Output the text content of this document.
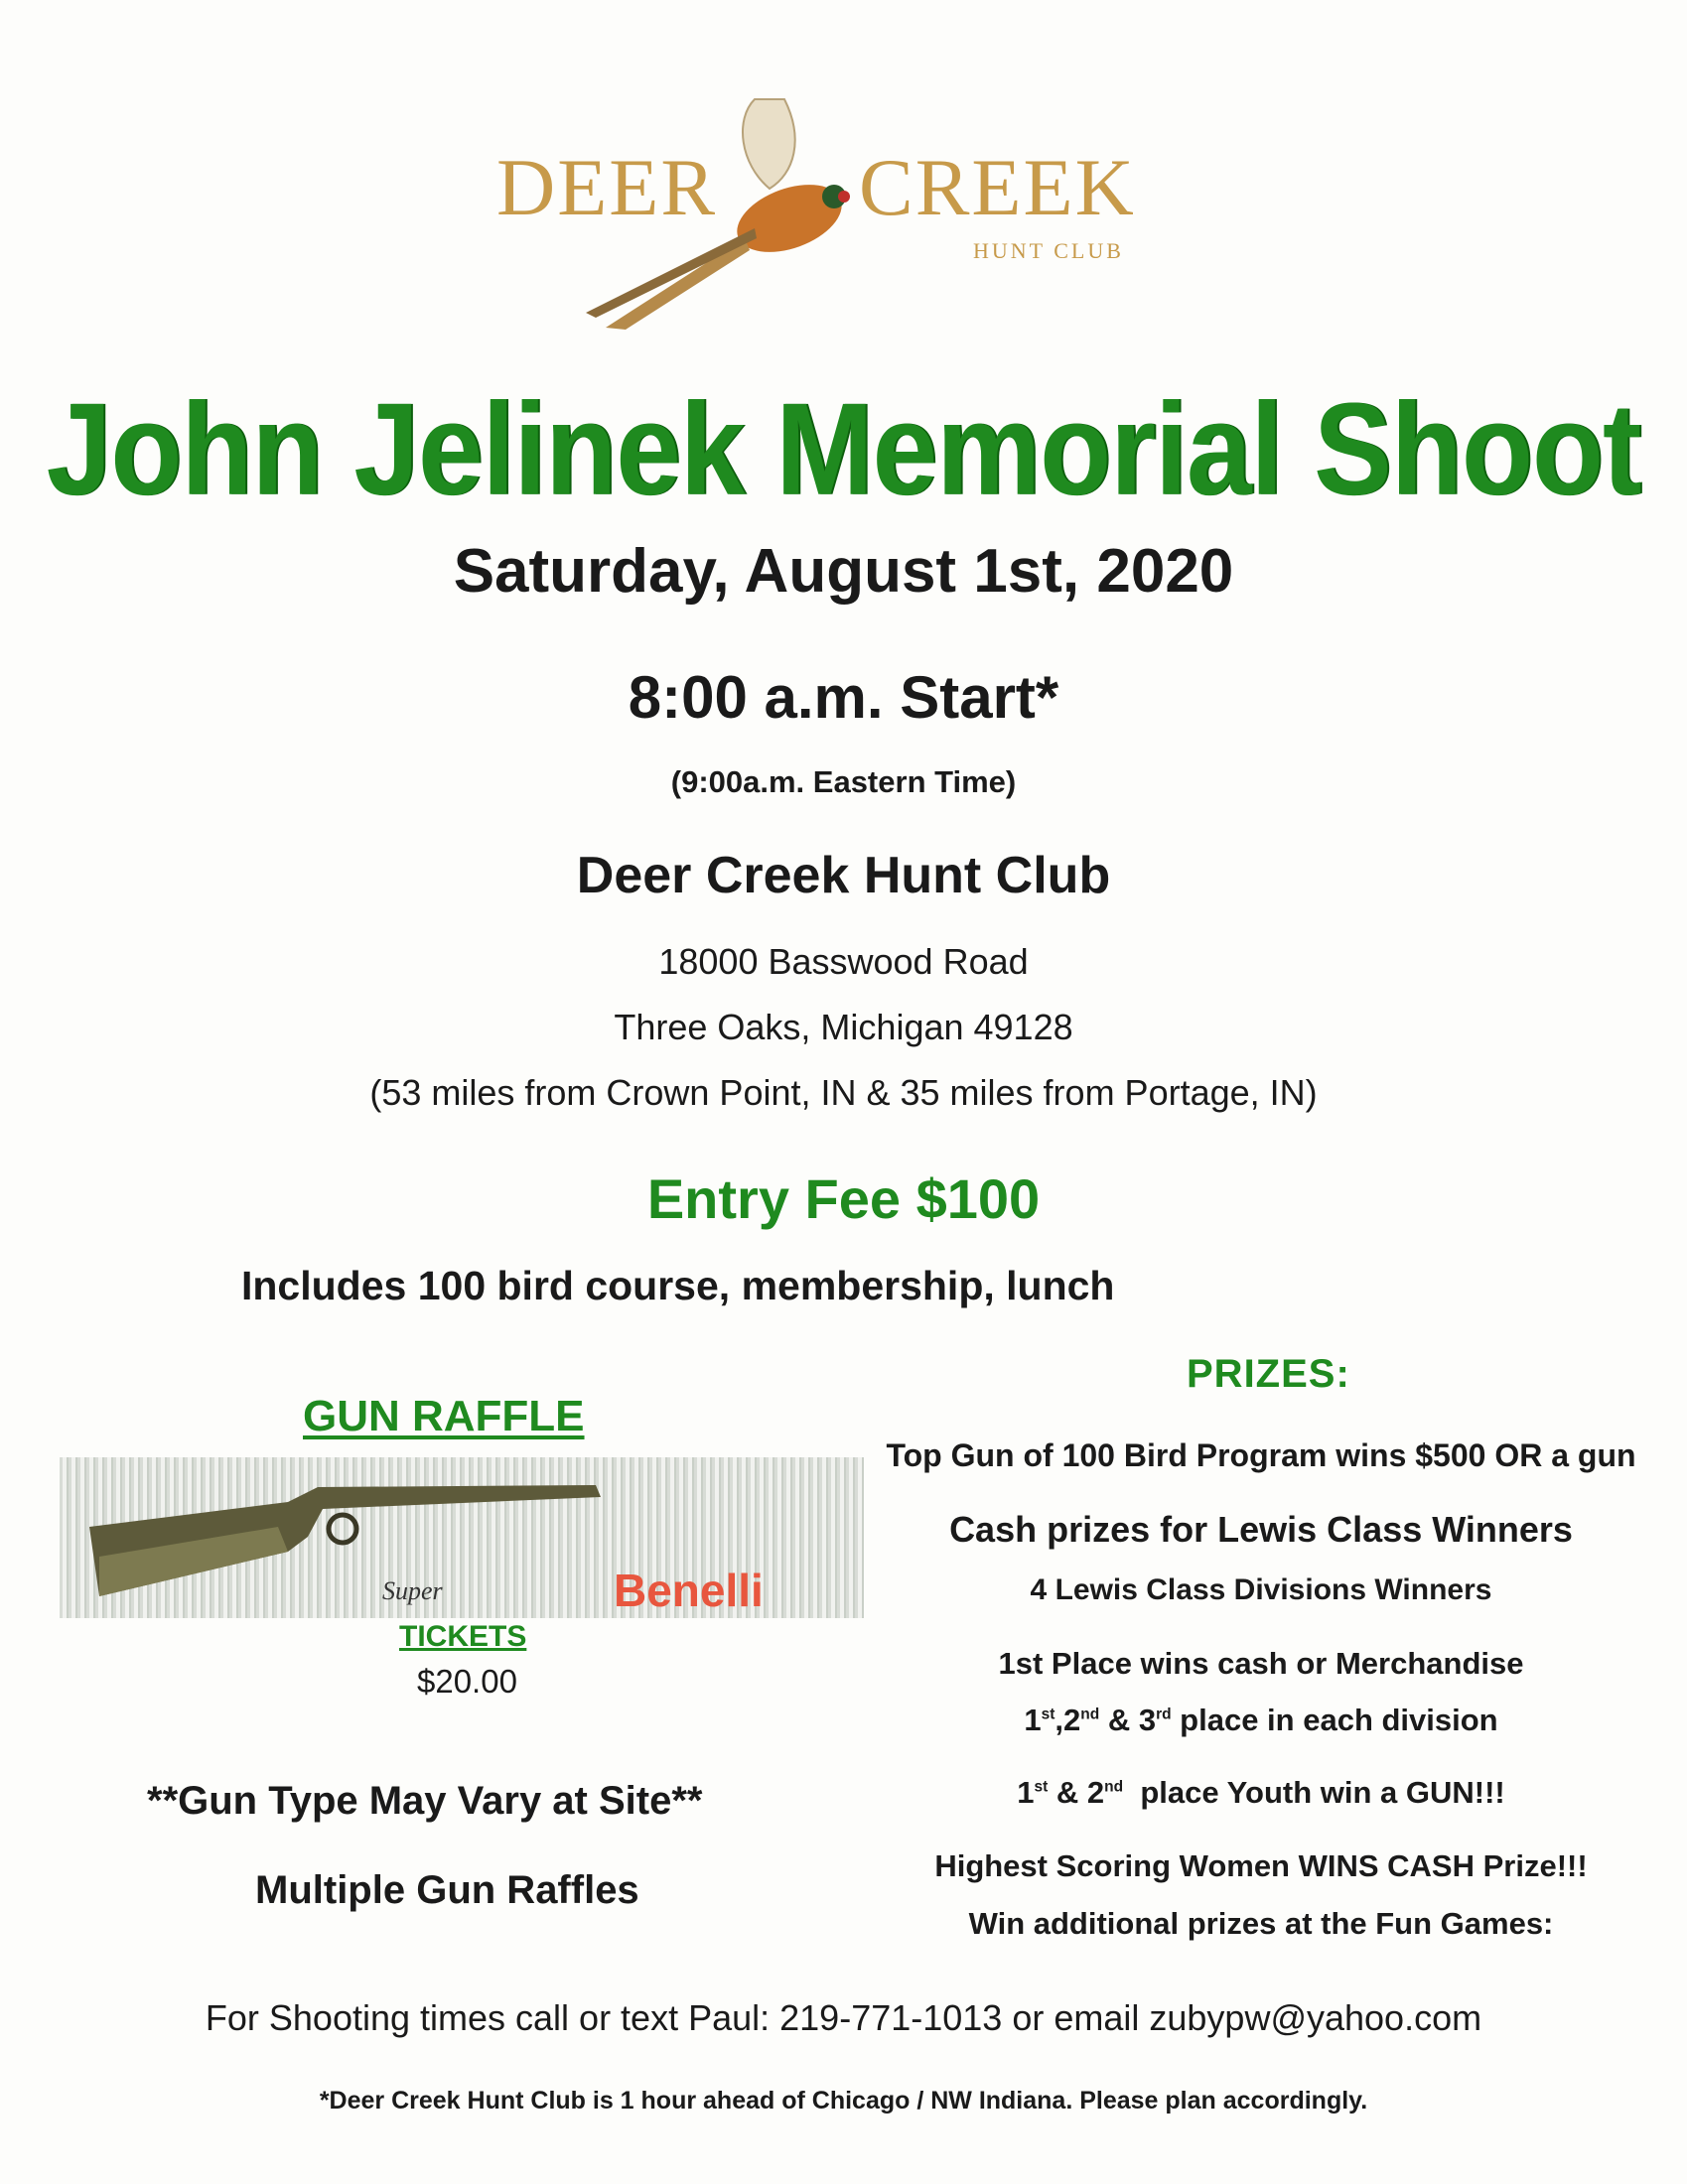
DEER CREEK
HUNT CLUB
John Jelinek Memorial Shoot
Saturday, August 1st, 2020
8:00 a.m. Start*
(9:00a.m. Eastern Time)
Deer Creek Hunt Club
18000 Basswood Road
Three Oaks, Michigan 49128
(53 miles from Crown Point, IN & 35 miles from Portage, IN)
Entry Fee $100
Includes 100 bird course, membership, lunch
PRIZES:
GUN RAFFLE
Super	Benelli
TICKETS
$20.00
**Gun Type May Vary at Site**
Multiple Gun Raffles
Top Gun of 100 Bird Program wins $500 OR a gun
Cash prizes for Lewis Class Winners
4 Lewis Class Divisions Winners
1st Place wins cash or Merchandise
1st,2nd & 3rd place in each division
1st & 2nd  place Youth win a GUN!!!
Highest Scoring Women WINS CASH Prize!!!
Win additional prizes at the Fun Games:
For Shooting times call or text Paul: 219-771-1013 or email zubypw@yahoo.com
*Deer Creek Hunt Club is 1 hour ahead of Chicago / NW Indiana. Please plan accordingly.
